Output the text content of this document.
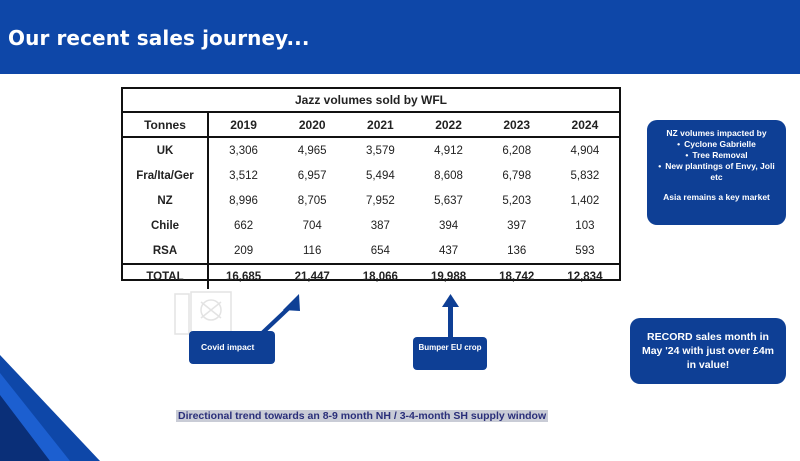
Our recent sales journey...
Jazz volumes sold by WFL						
Tonnes	2019	2020	2021	2022	2023	2024
UK	3,306	4,965	3,579	4,912	6,208	4,904
Fra/Ita/Ger	3,512	6,957	5,494	8,608	6,798	5,832
NZ	8,996	8,705	7,952	5,637	5,203	1,402
Chile	662	704	387	394	397	103
RSA	209	116	654	437	136	593
TOTAL	16,685	21,447	18,066	19,988	18,742	12,834
NZ volumes impacted by
• Cyclone Gabrielle
• Tree Removal
• New plantings of Envy, Joli etc
Asia remains a key market
RECORD sales month in May '24 with just over £4m in value!
Covid impact	Bumper EU crop

Directional trend towards an 8-9 month NH / 3-4-month SH supply window
